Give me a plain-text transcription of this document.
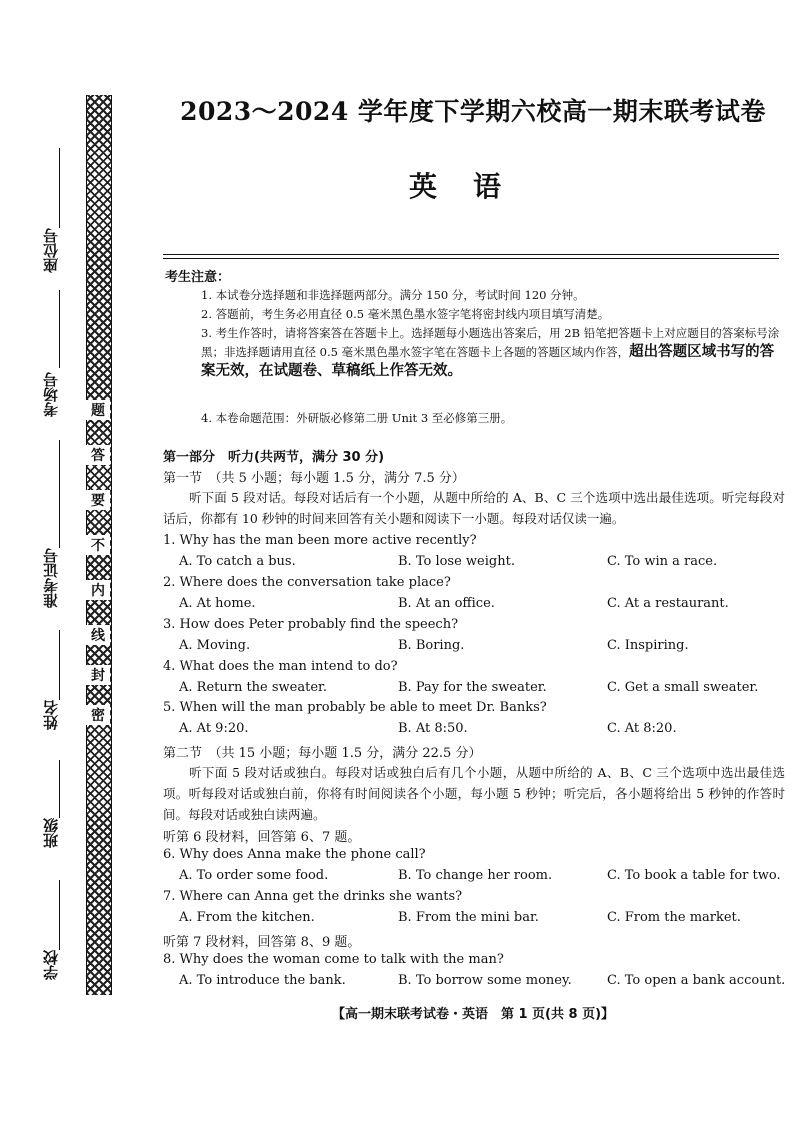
座位号
考场号
准考证号
姓名
班级
学校
题
答
要
不
内
线
封
密
2023～2024 学年度下学期六校高一期末联考试卷
英语
考生注意：
1. 本试卷分选择题和非选择题两部分。满分 150 分，考试时间 120 分钟。
2. 答题前，考生务必用直径 0.5 毫米黑色墨水签字笔将密封线内项目填写清楚。
3. 考生作答时，请将答案答在答题卡上。选择题每小题选出答案后，用 2B 铅笔把答题卡上对应题目的答案标号涂黑；非选择题请用直径 0.5 毫米黑色墨水签字笔在答题卡上各题的答题区域内作答，超出答题区域书写的答案无效，在试题卷、草稿纸上作答无效。
4. 本卷命题范围：外研版必修第二册 Unit 3 至必修第三册。
第一部分　听力(共两节，满分 30 分)
第一节　（共 5 小题；每小题 1.5 分，满分 7.5 分）
听下面 5 段对话。每段对话后有一个小题，从题中所给的 A、B、C 三个选项中选出最佳选项。听完每段对话后，你都有 10 秒钟的时间来回答有关小题和阅读下一小题。每段对话仅读一遍。
1. Why has the man been more active recently?
A. To catch a bus.	B. To lose weight.	C. To win a race.
2. Where does the conversation take place?
A. At home.	B. At an office.	C. At a restaurant.
3. How does Peter probably find the speech?
A. Moving.	B. Boring.	C. Inspiring.
4. What does the man intend to do?
A. Return the sweater.	B. Pay for the sweater.	C. Get a small sweater.
5. When will the man probably be able to meet Dr. Banks?
A. At 9:20.	B. At 8:50.	C. At 8:20.
第二节　（共 15 小题；每小题 1.5 分，满分 22.5 分）
听下面 5 段对话或独白。每段对话或独白后有几个小题，从题中所给的 A、B、C 三个选项中选出最佳选项。听每段对话或独白前，你将有时间阅读各个小题，每小题 5 秒钟；听完后，各小题将给出 5 秒钟的作答时间。每段对话或独白读两遍。
听第 6 段材料，回答第 6、7 题。
6. Why does Anna make the phone call?
A. To order some food.	B. To change her room.	C. To book a table for two.
7. Where can Anna get the drinks she wants?
A. From the kitchen.	B. From the mini bar.	C. From the market.
听第 7 段材料，回答第 8、9 题。
8. Why does the woman come to talk with the man?
A. To introduce the bank.	B. To borrow some money.	C. To open a bank account.
【高一期末联考试卷・英语　第 1 页(共 8 页)】
